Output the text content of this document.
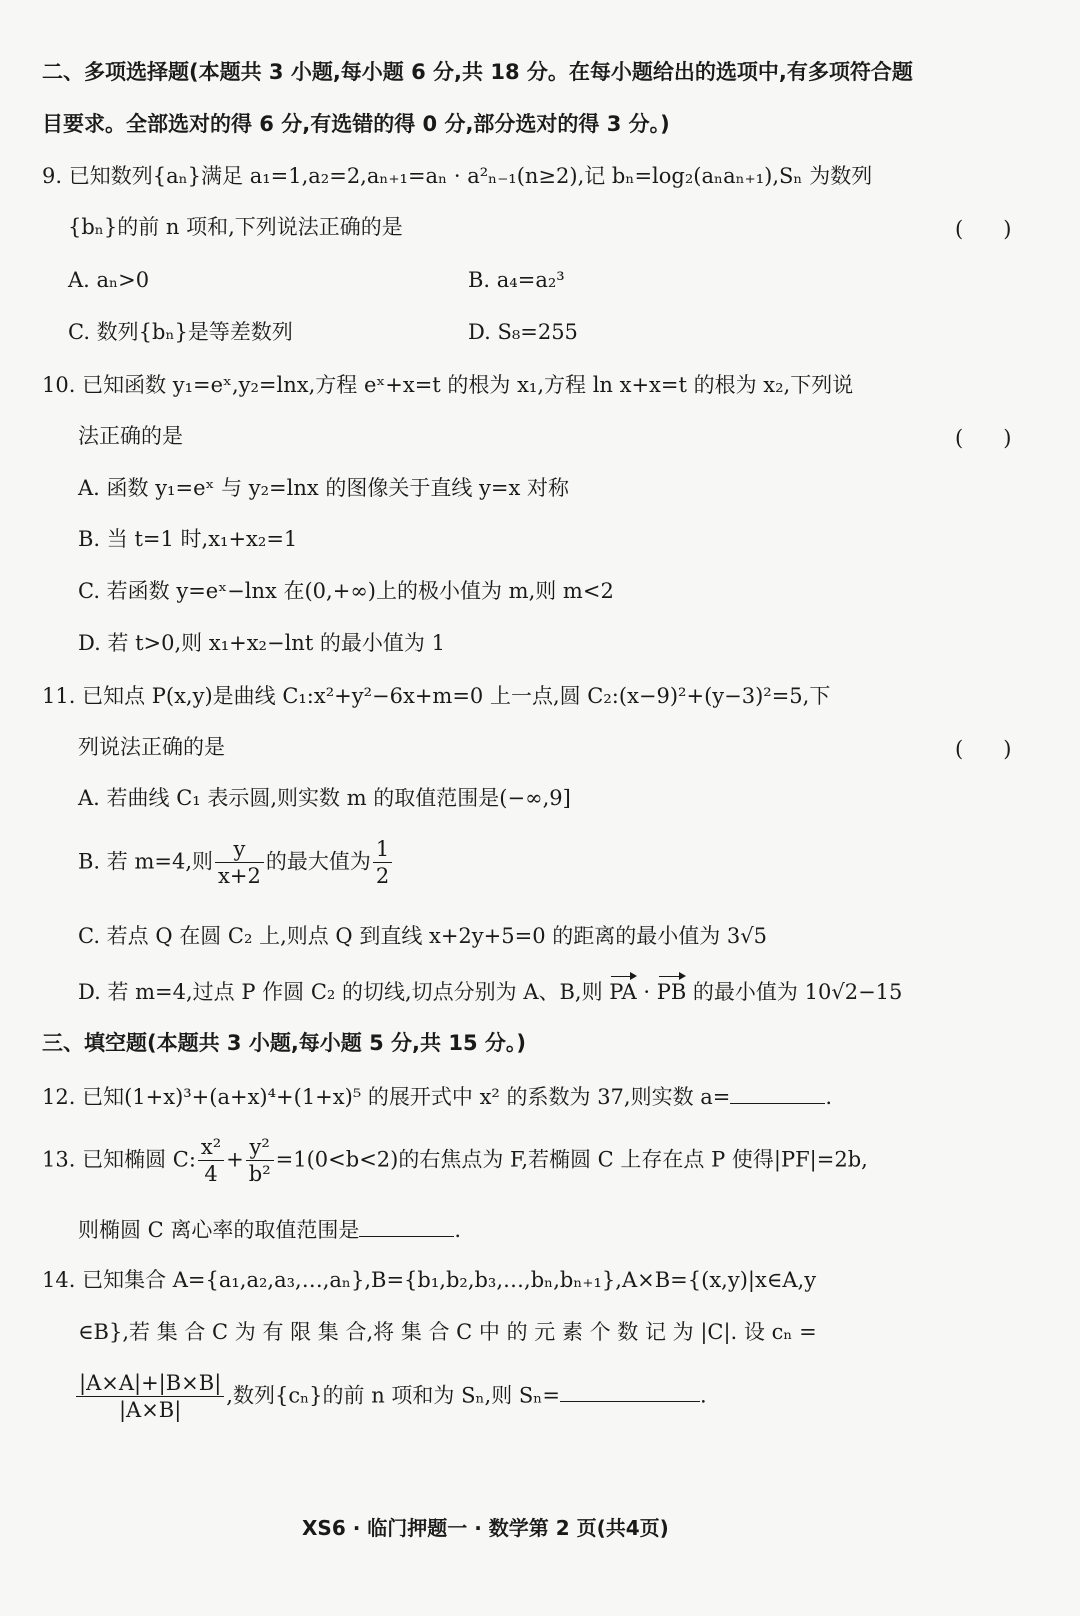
二、多项选择题(本题共 3 小题,每小题 6 分,共 18 分。在每小题给出的选项中,有多项符合题
目要求。全部选对的得 6 分,有选错的得 0 分,部分选对的得 3 分。)
9. 已知数列{aₙ}满足 a₁=1,a₂=2,aₙ₊₁=aₙ · a²ₙ₋₁(n≥2),记 bₙ=log₂(aₙaₙ₊₁),Sₙ 为数列
{bₙ}的前 n 项和,下列说法正确的是	(      )
A. aₙ>0	B. a₄=a₂³
C. 数列{bₙ}是等差数列	D. S₈=255
10. 已知函数 y₁=eˣ,y₂=lnx,方程 eˣ+x=t 的根为 x₁,方程 ln x+x=t 的根为 x₂,下列说
法正确的是	(      )
A. 函数 y₁=eˣ 与 y₂=lnx 的图像关于直线 y=x 对称
B. 当 t=1 时,x₁+x₂=1
C. 若函数 y=eˣ−lnx 在(0,+∞)上的极小值为 m,则 m<2
D. 若 t>0,则 x₁+x₂−lnt 的最小值为 1
11. 已知点 P(x,y)是曲线 C₁:x²+y²−6x+m=0 上一点,圆 C₂:(x−9)²+(y−3)²=5,下
列说法正确的是	(      )
A. 若曲线 C₁ 表示圆,则实数 m 的取值范围是(−∞,9]
B. 若 m=4,则 $\frac{y}{x+2}$ 的最大值为 $\frac{1}{2}$
C. 若点 Q 在圆 C₂ 上,则点 Q 到直线 x+2y+5=0 的距离的最小值为 3√5
D. 若 m=4,过点 P 作圆 C₂ 的切线,切点分别为 A、B,则 PA · PB 的最小值为 10√2−15
三、填空题(本题共 3 小题,每小题 5 分,共 15 分。)
12. 已知(1+x)³+(a+x)⁴+(1+x)⁵ 的展开式中 x² 的系数为 37,则实数 a=	.
13. 已知椭圆 C: $\frac{\text{x²}}{4} + \frac{\text{y²}}{\text{b²}} =1(0<b<2)$的右焦点为 F,若椭圆 C 上存在点 P 使得|PF|=2b,
则椭圆 C 离心率的取值范围是	.
14. 已知集合 A={a₁,a₂,a₃,…,aₙ},B={b₁,b₂,b₃,…,bₙ,bₙ₊₁},A×B={(x,y)|x∈A,y
∈B},若 集 合 C 为 有 限 集 合,将 集 合 C 中 的 元 素 个 数 记 为 |C|. 设 cₙ =
$\frac{|A\times A|+|B\times B|}{|A\times B|}$ ,数列{cₙ}的前 n 项和为 Sₙ,则 Sₙ=	.
XS6 · 临门押题一 · 数学第 2 页(共4页)
